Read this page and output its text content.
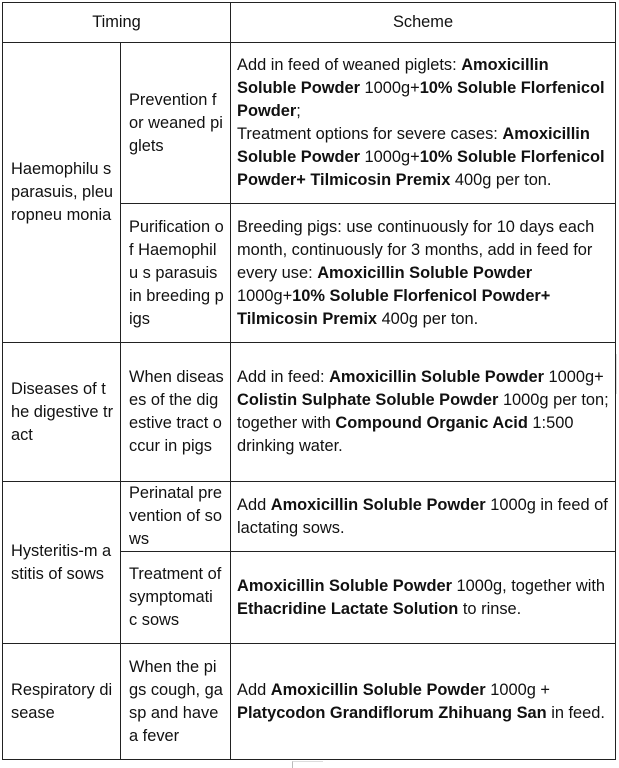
Timing		Scheme
Haemophilu s parasuis, pleuropneu monia	Prevention for weaned piglets	Add in feed of weaned piglets: Amoxicillin Soluble Powder 1000g+10% Soluble Florfenicol Powder;
Treatment options for severe cases: Amoxicillin Soluble Powder 1000g+10% Soluble Florfenicol Powder+ Tilmicosin Premix 400g per ton.
	Purification of Haemophilu s parasuis in breeding pigs	Breeding pigs: use continuously for 10 days each month, continuously for 3 months, add in feed for every use: Amoxicillin Soluble Powder 1000g+10% Soluble Florfenicol Powder+ Tilmicosin Premix 400g per ton.
Diseases of the digestive tract	When diseases of the digestive tract occur in pigs	Add in feed: Amoxicillin Soluble Powder 1000g+ Colistin Sulphate Soluble Powder 1000g per ton; together with Compound Organic Acid 1:500 drinking water.
Hysteritis-m astitis of sows	Perinatal prevention of sows	Add Amoxicillin Soluble Powder 1000g in feed of lactating sows.
	Treatment of symptomati c sows	Amoxicillin Soluble Powder 1000g, together with Ethacridine Lactate Solution to rinse.
Respiratory disease	When the pigs cough, gasp and have a fever	Add Amoxicillin Soluble Powder 1000g + Platycodon Grandiflorum Zhihuang San in feed.
